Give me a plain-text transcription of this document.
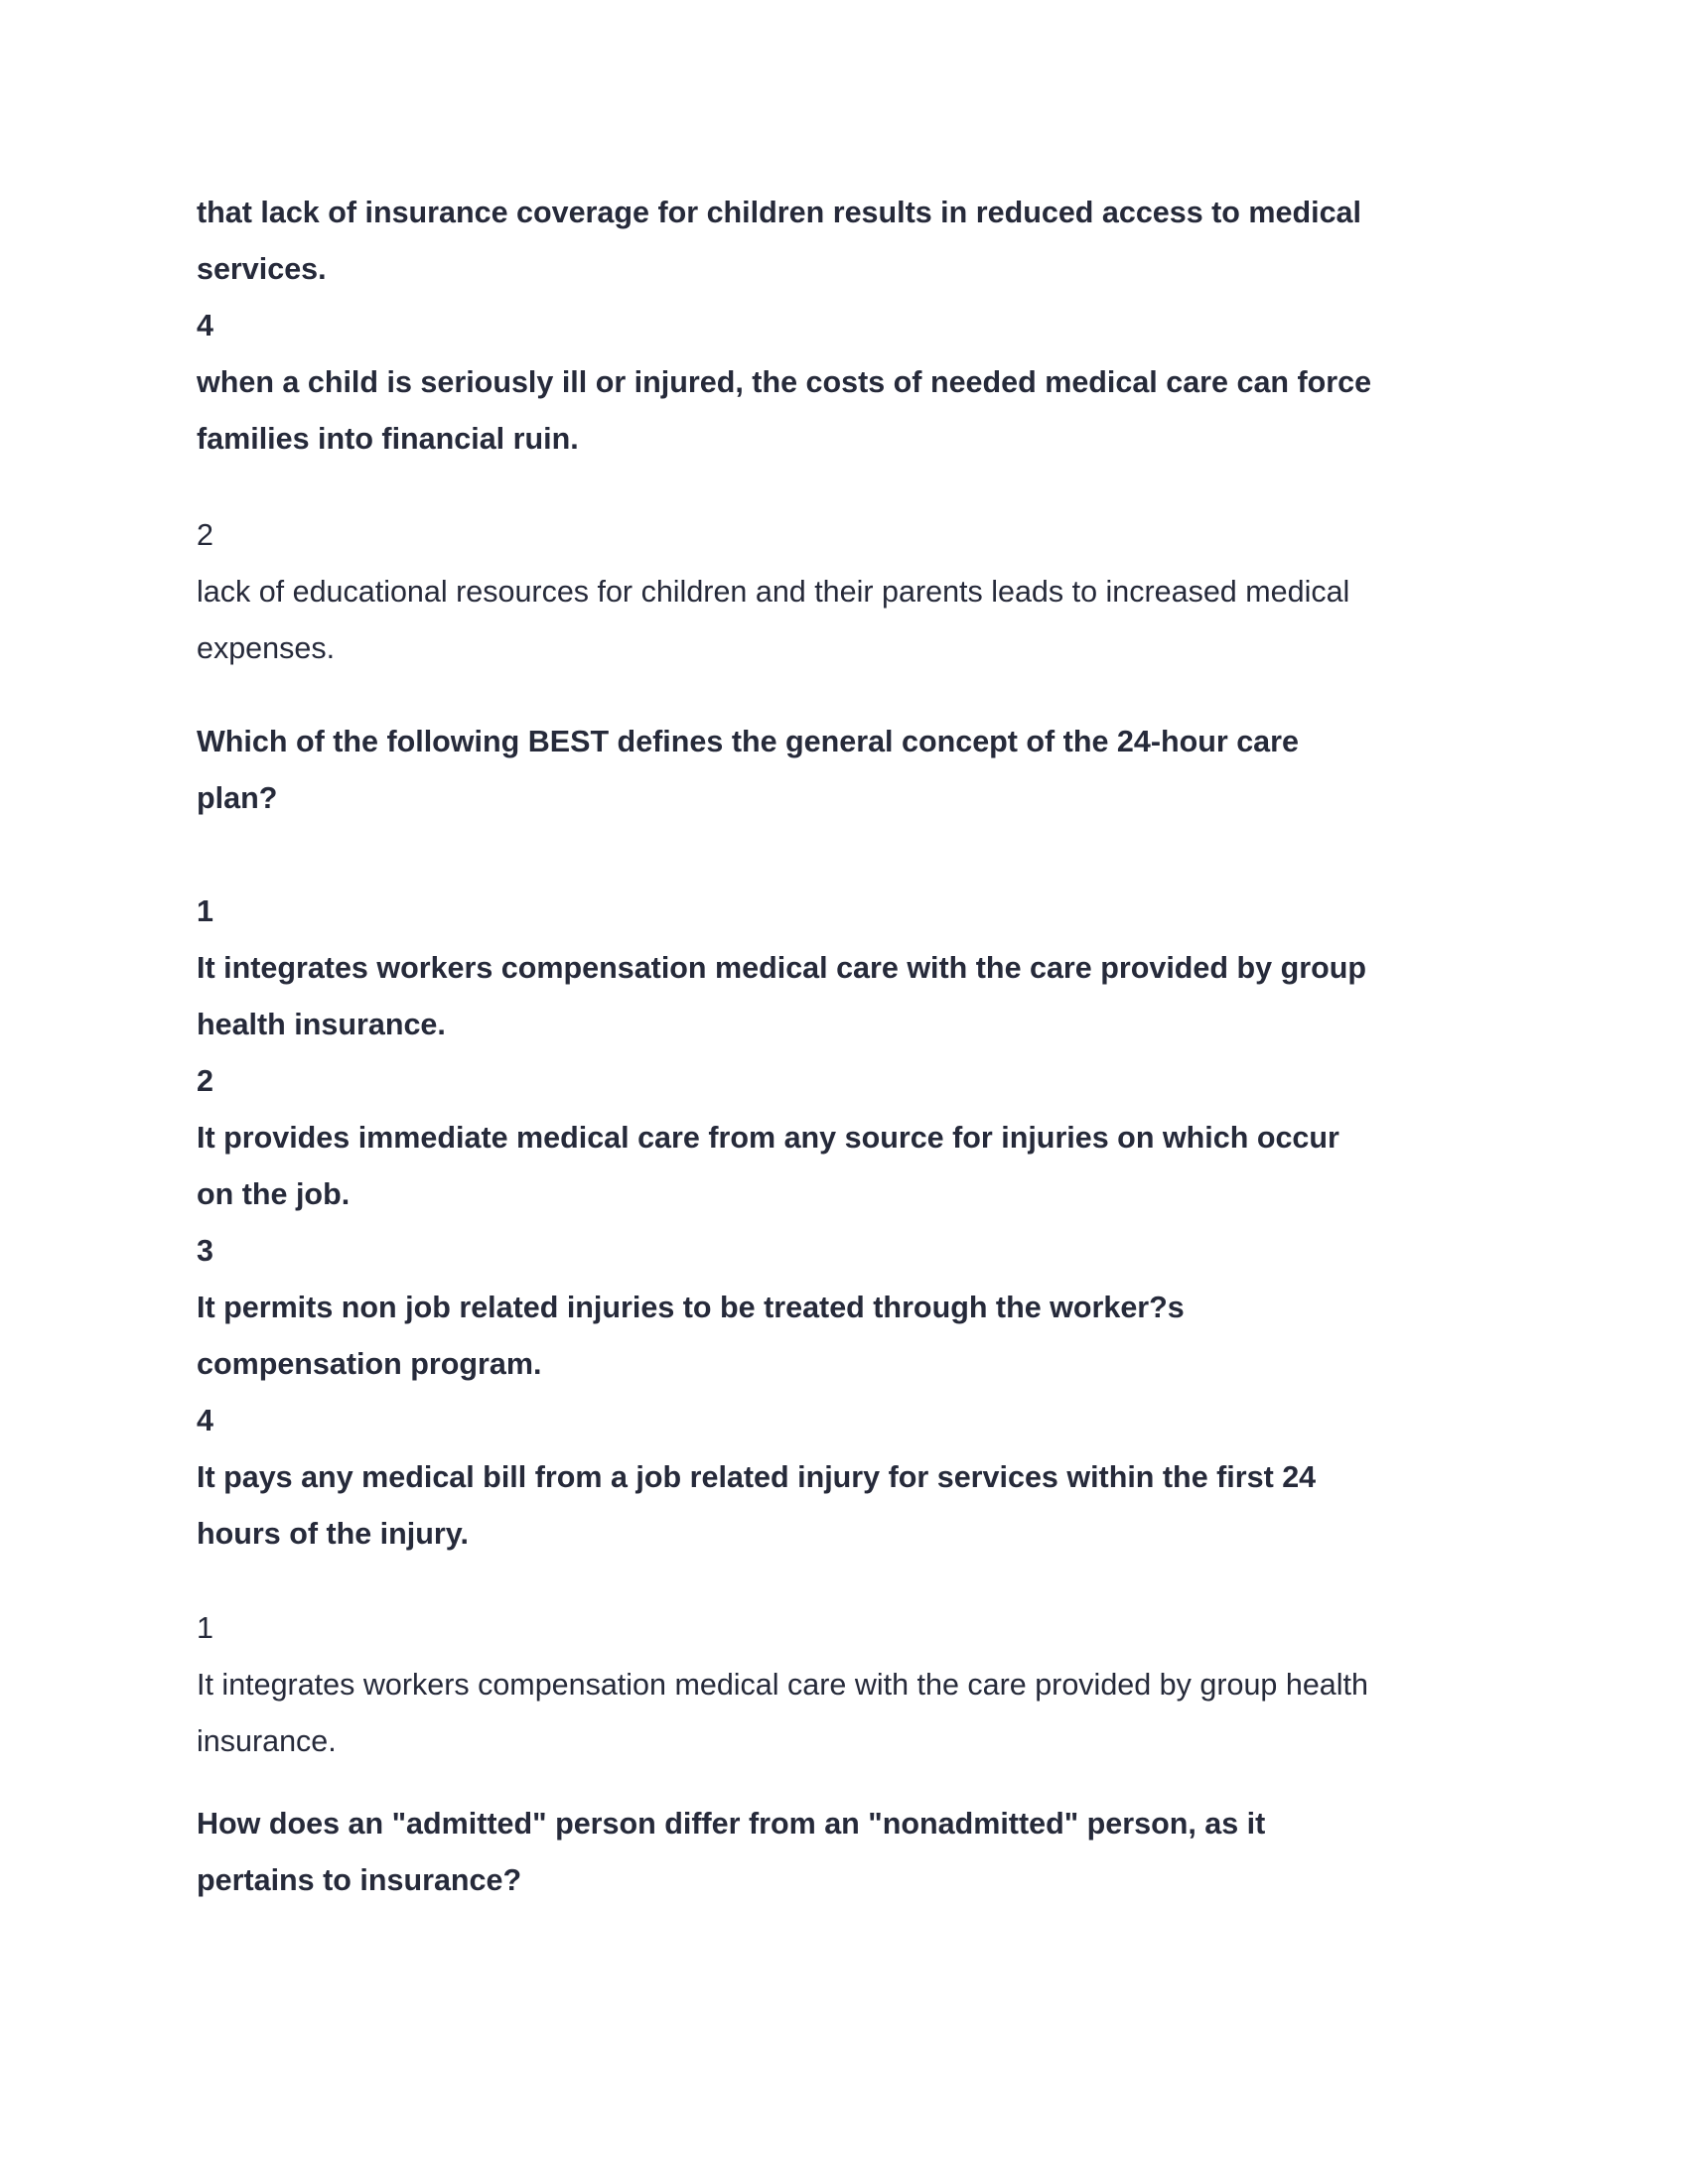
that lack of insurance coverage for children results in reduced access to medical
services.
4
when a child is seriously ill or injured, the costs of needed medical care can force
families into financial ruin.
2
lack of educational resources for children and their parents leads to increased medical
expenses.
Which of the following BEST defines the general concept of the 24-hour care
plan?
1
It integrates workers compensation medical care with the care provided by group
health insurance.
2
It provides immediate medical care from any source for injuries on which occur
on the job.
3
It permits non job related injuries to be treated through the worker?s
compensation program.
4
It pays any medical bill from a job related injury for services within the first 24
hours of the injury.
1
It integrates workers compensation medical care with the care provided by group health
insurance.
How does an "admitted" person differ from an "nonadmitted" person, as it
pertains to insurance?
